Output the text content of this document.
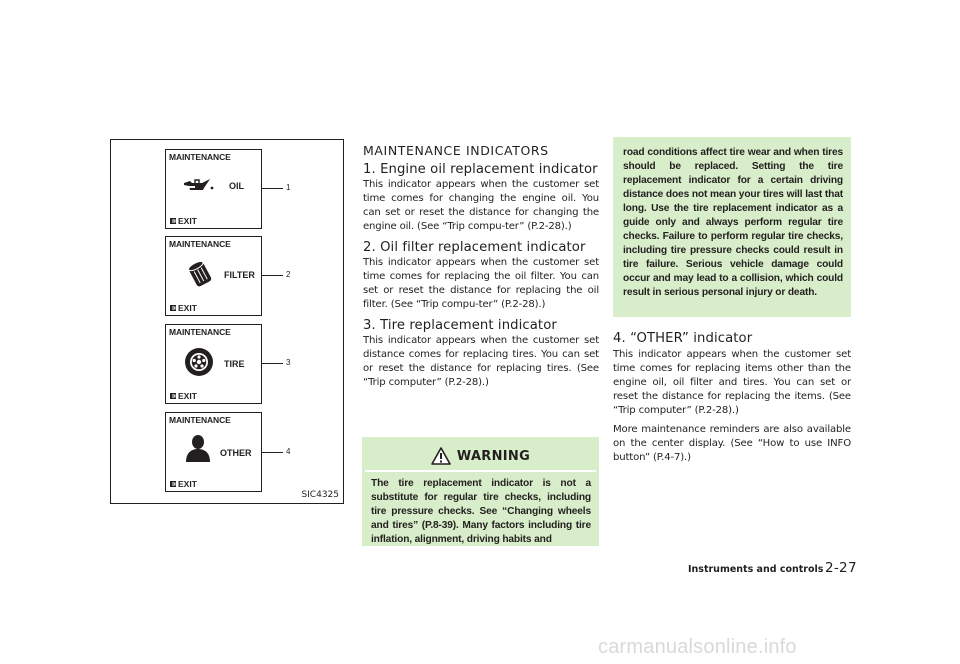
MAINTENANCE
OIL
EXIT
1
MAINTENANCE
FILTER
EXIT
2
MAINTENANCE
TIRE
EXIT
3
MAINTENANCE
OTHER
EXIT
4
SIC4325
MAINTENANCE INDICATORS
1. Engine oil replacement indicator

This indicator appears when the customer set time comes for changing the engine oil. You can set or reset the distance for changing the engine oil. (See “Trip compu-ter” (P.2-28).)

2. Oil filter replacement indicator

This indicator appears when the customer set time comes for replacing the oil filter. You can set or reset the distance for replacing the oil filter. (See “Trip compu-ter” (P.2-28).)

3. Tire replacement indicator

This indicator appears when the customer set distance comes for replacing tires. You can set or reset the distance for replacing tires. (See “Trip computer” (P.2-28).)

WARNING

The tire replacement indicator is not a substitute for regular tire checks, including tire pressure checks. See “Changing wheels and tires” (P.8-39). Many factors including tire inflation, alignment, driving habits and

road conditions affect tire wear and when tires should be replaced. Setting the tire replacement indicator for a certain driving distance does not mean your tires will last that long. Use the tire replacement indicator as a guide only and always perform regular tire checks. Failure to perform regular tire checks, including tire pressure checks could result in tire failure. Serious vehicle damage could occur and may lead to a collision, which could result in serious personal injury or death.

4. “OTHER” indicator

This indicator appears when the customer set time comes for replacing items other than the engine oil, oil filter and tires. You can set or reset the distance for replacing the items. (See “Trip computer” (P.2-28).)

More maintenance reminders are also available on the center display. (See “How to use INFO button” (P.4-7).)

Instruments and controls 2-27
carmanualsonline.info
